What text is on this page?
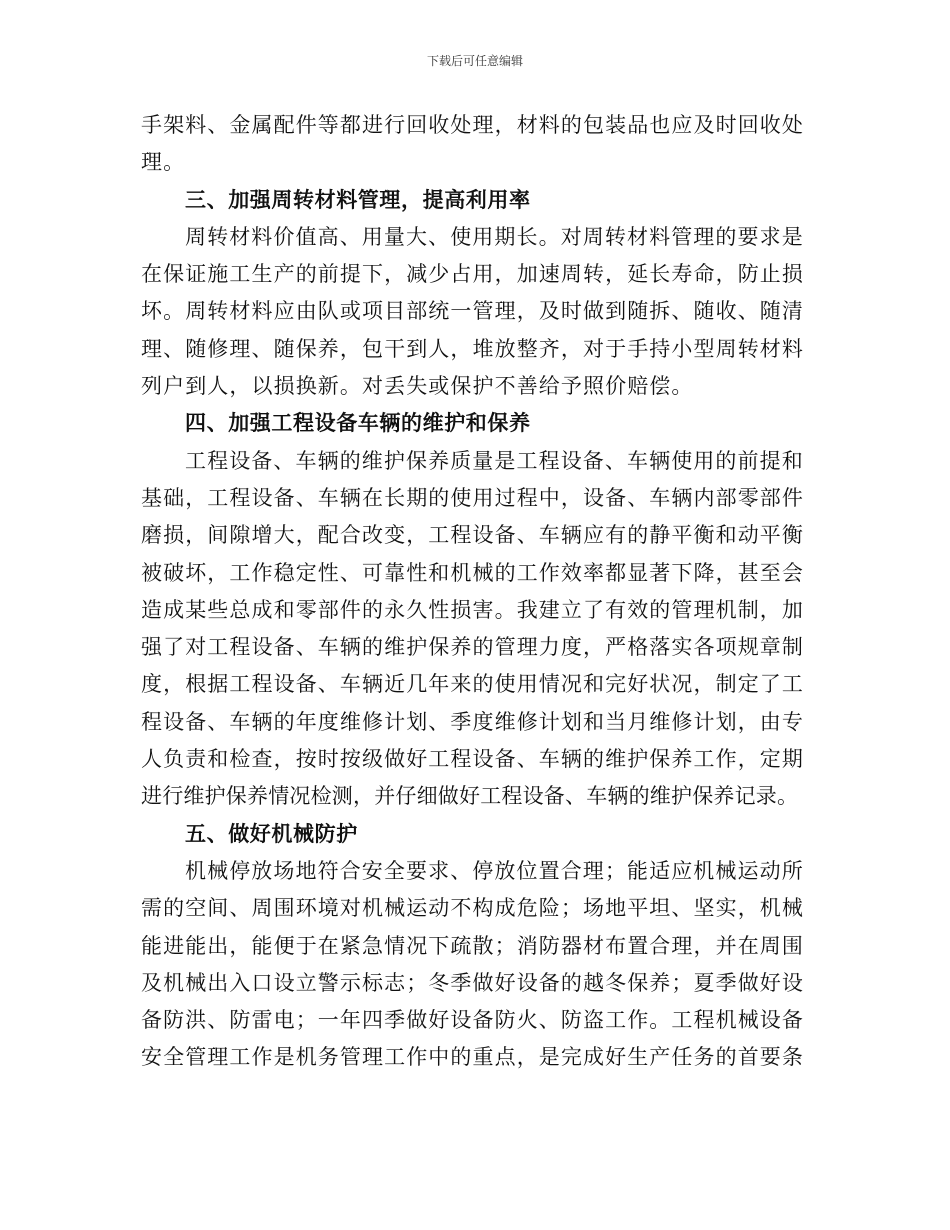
下载后可任意编辑
手架料、金属配件等都进行回收处理，材料的包装品也应及时回收处
理。
三、加强周转材料管理，提高利用率
周转材料价值高、用量大、使用期长。对周转材料管理的要求是
在保证施工生产的前提下，减少占用，加速周转，延长寿命，防止损
坏。周转材料应由队或项目部统一管理，及时做到随拆、随收、随清
理、随修理、随保养，包干到人，堆放整齐，对于手持小型周转材料
列户到人，以损换新。对丢失或保护不善给予照价赔偿。
四、加强工程设备车辆的维护和保养
工程设备、车辆的维护保养质量是工程设备、车辆使用的前提和
基础，工程设备、车辆在长期的使用过程中，设备、车辆内部零部件
磨损，间隙增大，配合改变，工程设备、车辆应有的静平衡和动平衡
被破坏，工作稳定性、可靠性和机械的工作效率都显著下降，甚至会
造成某些总成和零部件的永久性损害。我建立了有效的管理机制，加
强了对工程设备、车辆的维护保养的管理力度，严格落实各项规章制
度，根据工程设备、车辆近几年来的使用情况和完好状况，制定了工
程设备、车辆的年度维修计划、季度维修计划和当月维修计划，由专
人负责和检查，按时按级做好工程设备、车辆的维护保养工作，定期
进行维护保养情况检测，并仔细做好工程设备、车辆的维护保养记录。
五、做好机械防护
机械停放场地符合安全要求、停放位置合理；能适应机械运动所
需的空间、周围环境对机械运动不构成危险；场地平坦、坚实，机械
能进能出，能便于在紧急情况下疏散；消防器材布置合理，并在周围
及机械出入口设立警示标志；冬季做好设备的越冬保养；夏季做好设
备防洪、防雷电；一年四季做好设备防火、防盗工作。工程机械设备
安全管理工作是机务管理工作中的重点，是完成好生产任务的首要条
